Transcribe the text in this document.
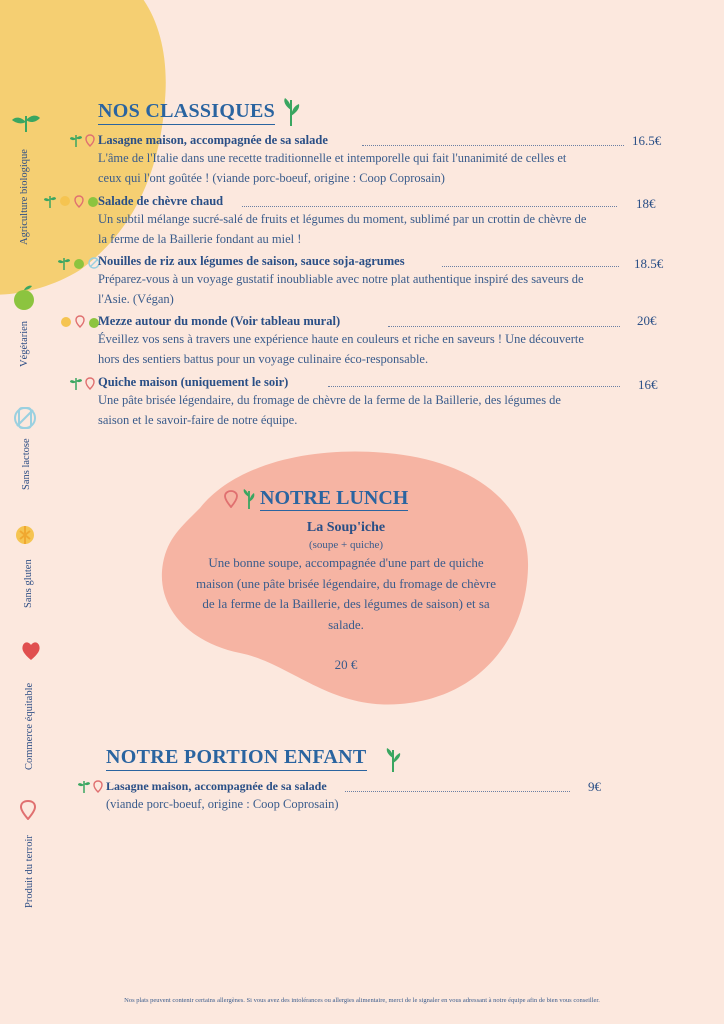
Agriculture biologique
Végétarien
Sans lactose
Sans gluten
Commerce équitable
Produit du terroir
NOS CLASSIQUES
Lasagne maison, accompagnée de sa salade
L'âme de l'Italie dans une recette traditionnelle et intemporelle qui fait l'unanimité de celles et ceux qui l'ont goûtée ! (viande porc-boeuf, origine : Coop Coprosain)
16.5€
Salade de chèvre chaud
Un subtil mélange sucré-salé de fruits et légumes du moment, sublimé par un crottin de chèvre de la ferme de la Baillerie fondant au miel !
18€
Nouilles de riz aux légumes de saison, sauce soja-agrumes
Préparez-vous à un voyage gustatif inoubliable avec notre plat authentique inspiré des saveurs de l'Asie. (Végan)
18.5€
Mezze autour du monde (Voir tableau mural)
Éveillez vos sens à travers une expérience haute en couleurs et riche en saveurs ! Une découverte hors des sentiers battus pour un voyage culinaire éco-responsable.
20€
Quiche maison (uniquement le soir)
Une pâte brisée légendaire, du fromage de chèvre de la ferme de la Baillerie, des légumes de saison et le savoir-faire de notre équipe.
16€
NOTRE LUNCH
La Soup'iche
(soupe + quiche)
Une bonne soupe, accompagnée d'une part de quiche maison (une pâte brisée légendaire, du fromage de chèvre de la ferme de la Baillerie, des légumes de saison) et sa salade.
20 €
NOTRE PORTION ENFANT
Lasagne maison, accompagnée de sa salade
(viande porc-boeuf, origine : Coop Coprosain)
9€
Nos plats peuvent contenir certains allergènes. Si vous avez des intolérances ou allergies alimentaire, merci de le signaler en vous adressant à notre équipe afin de bien vous conseiller.
